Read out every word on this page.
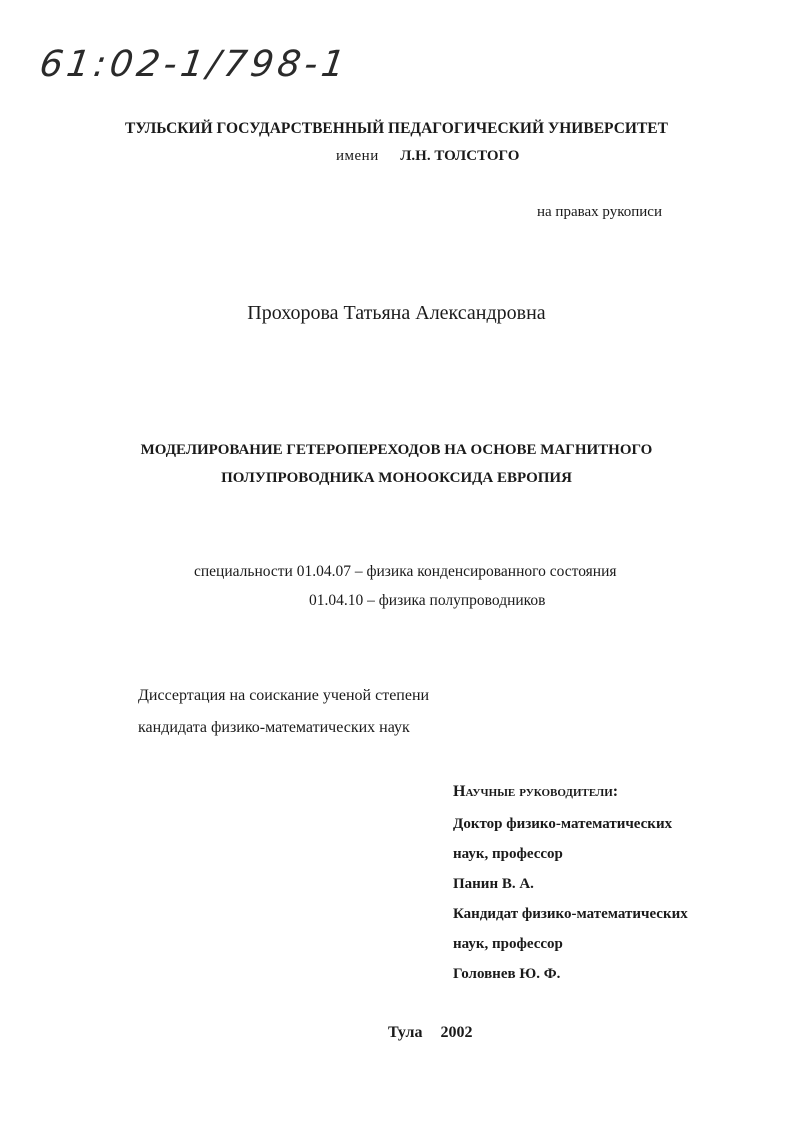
61:02-1/798-1
ТУЛЬСКИЙ ГОСУДАРСТВЕННЫЙ ПЕДАГОГИЧЕСКИЙ УНИВЕРСИТЕТ
имени Л.Н. ТОЛСТОГО
на правах рукописи
Прохорова Татьяна Александровна
МОДЕЛИРОВАНИЕ ГЕТЕРОПЕРЕХОДОВ НА ОСНОВЕ МАГНИТНОГО
ПОЛУПРОВОДНИКА МОНООКСИДА ЕВРОПИЯ
специальности 01.04.07 – физика конденсированного состояния
01.04.10 – физика полупроводников
Диссертация на соискание ученой степени
кандидата физико-математических наук
Научные руководители:
Доктор физико-математических
наук, профессор
Панин В. А.
Кандидат физико-математических
наук, профессор
Головнев Ю. Ф.
Тула 2002
